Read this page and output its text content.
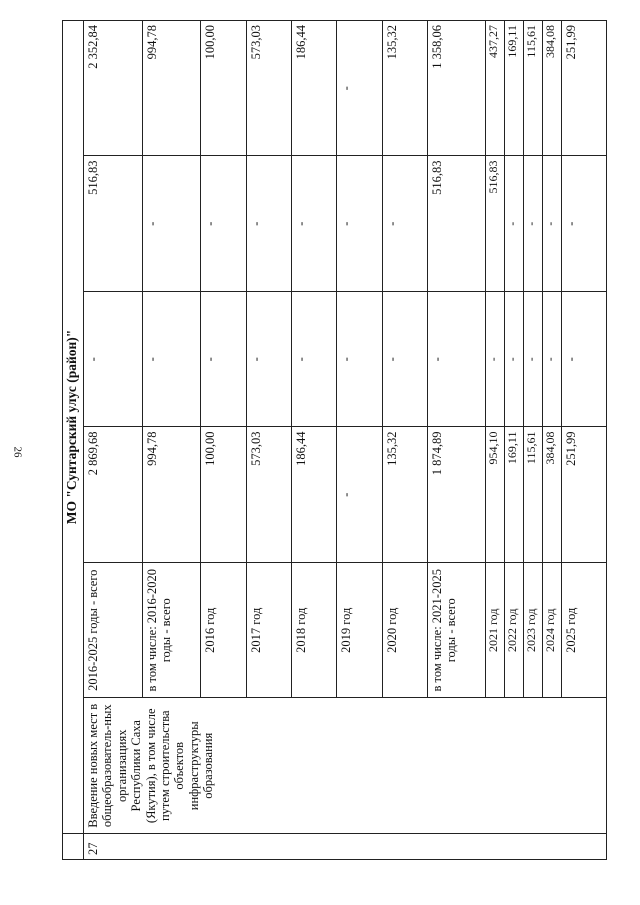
26
		МО "Сунтарский улус (район)"					
27	Введение новых мест в общеобразователь-ных организациях Республики Саха (Якутия), в том числе путем строительства объектов инфраструктуры образования	2016-2025 годы - всего	2 869,68	-	516,83	2 352,84
		в том числе: 2016-2020 годы - всего	994,78	-	-	994,78
		2016 год	100,00	-	-	100,00
		2017 год	573,03	-	-	573,03
		2018 год	186,44	-	-	186,44
		2019 год	-	-	-	-
		2020 год	135,32	-	-	135,32
		в том числе: 2021-2025 годы - всего	1 874,89	-	516,83	1 358,06
		2021 год	954,10	-	516,83	437,27
		2022 год	169,11	-	-	169,11
		2023 год	115,61	-	-	115,61
		2024 год	384,08	-	-	384,08
		2025 год	251,99	-	-	251,99
